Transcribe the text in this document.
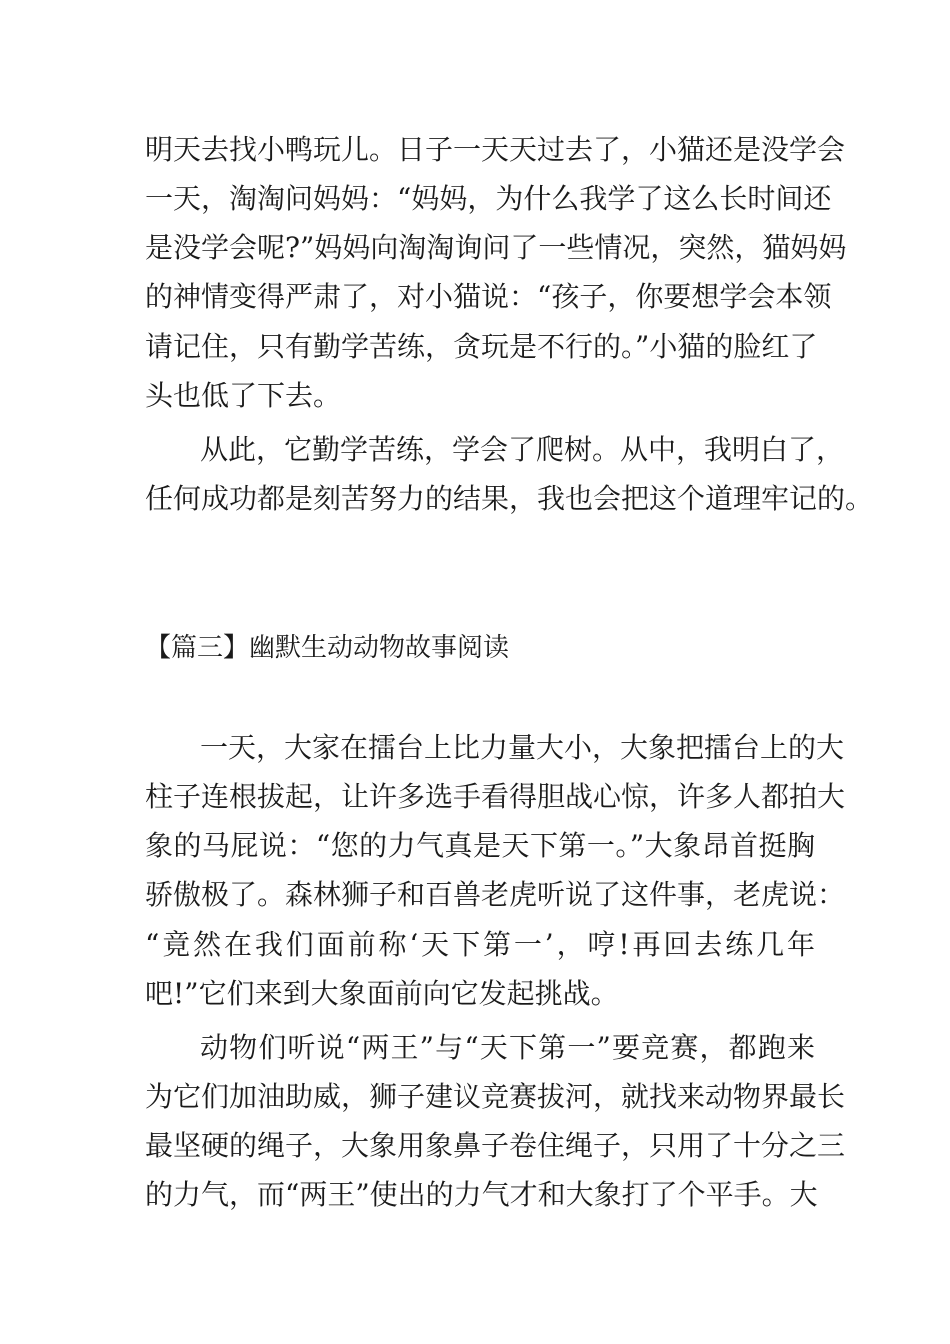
明天去找小鸭玩儿。日子一天天过去了，小猫还是没学会
一天，淘淘问妈妈：“妈妈，为什么我学了这么长时间还
是没学会呢?”妈妈向淘淘询问了一些情况，突然，猫妈妈
的神情变得严肃了，对小猫说：“孩子，你要想学会本领
请记住，只有勤学苦练，贪玩是不行的。”小猫的脸红了
头也低了下去。
从此，它勤学苦练，学会了爬树。从中，我明白了，
任何成功都是刻苦努力的结果，我也会把这个道理牢记的。
【篇三】幽默生动动物故事阅读
一天，大家在擂台上比力量大小，大象把擂台上的大
柱子连根拔起，让许多选手看得胆战心惊，许多人都拍大
象的马屁说：“您的力气真是天下第一。”大象昂首挺胸
骄傲极了。森林狮子和百兽老虎听说了这件事，老虎说：
“竟然在我们面前称‘天下第一’，哼!再回去练几年
吧!”它们来到大象面前向它发起挑战。
动物们听说“两王”与“天下第一”要竞赛，都跑来
为它们加油助威，狮子建议竞赛拔河，就找来动物界最长
最坚硬的绳子，大象用象鼻子卷住绳子，只用了十分之三
的力气，而“两王”使出的力气才和大象打了个平手。大
